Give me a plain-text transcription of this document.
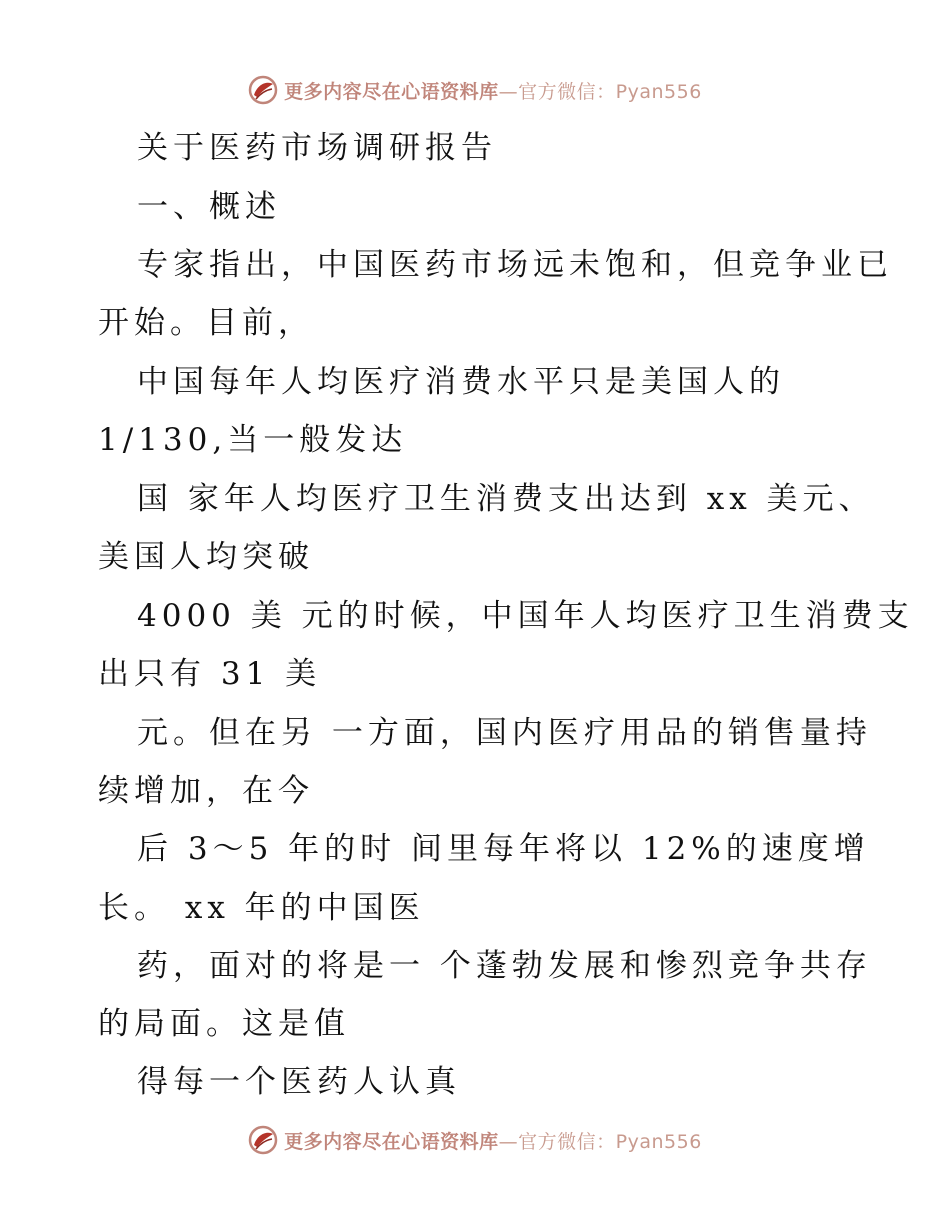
更多内容尽在心语资料库—官方微信：Pyan556
关于医药市场调研报告
一、概述
专家指出，中国医药市场远未饱和，但竞争业已
开始。目前，
中国每年人均医疗消费水平只是美国人的
1/130,当一般发达
国 家年人均医疗卫生消费支出达到 xx 美元、
美国人均突破
4000 美 元的时候，中国年人均医疗卫生消费支
出只有 31 美
元。但在另 一方面，国内医疗用品的销售量持
续增加，在今
后 3～5 年的时 间里每年将以 12%的速度增
长。 xx 年的中国医
药，面对的将是一 个蓬勃发展和惨烈竞争共存
的局面。这是值
得每一个医药人认真
更多内容尽在心语资料库—官方微信：Pyan556
